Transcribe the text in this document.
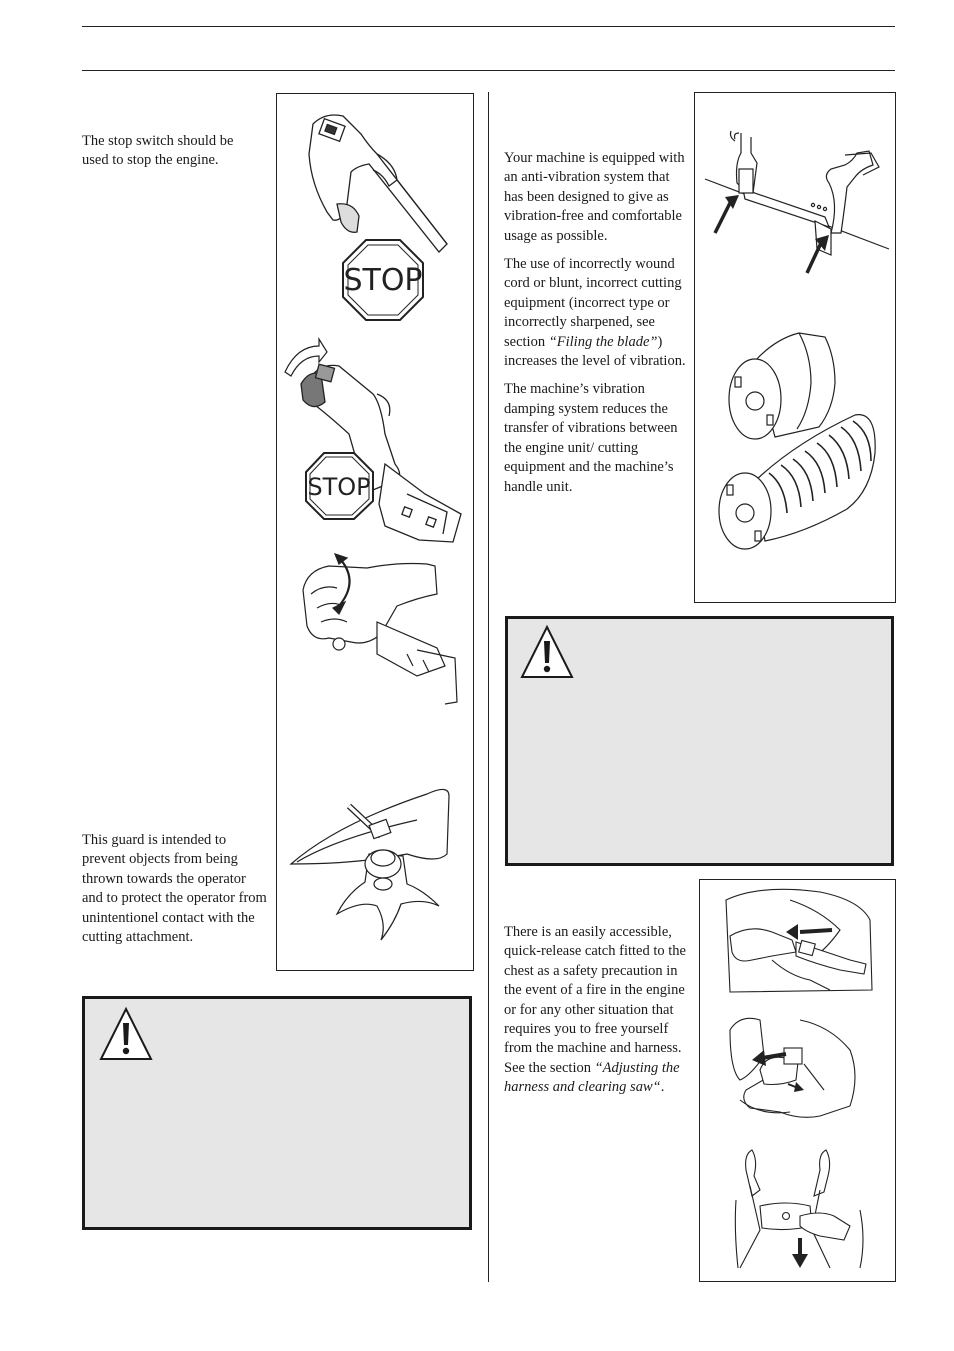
The stop switch should be used to stop the engine.

This guard is intended to prevent objects from being thrown towards the operator and to protect the operator from unintentionel contact with the cutting attachment.

STOP
STOP

Your machine is equipped with an anti-vibration system that has been designed to give as vibration-free and comfortable usage as possible.

The use of incorrectly wound cord or blunt, incorrect cutting equipment (incorrect type or incorrectly sharpened, see section “Filing the blade”) increases the level of vibration.

The machine’s vibration damping system reduces the transfer of vibrations between the engine unit/ cutting equipment and the machine’s handle unit.

There is an easily accessible, quick-release catch fitted to the chest as a safety precaution in the event of a fire in the engine or for any other situation that requires you to free yourself from the machine and harness. See the section “Adjusting the harness and clearing saw“.
